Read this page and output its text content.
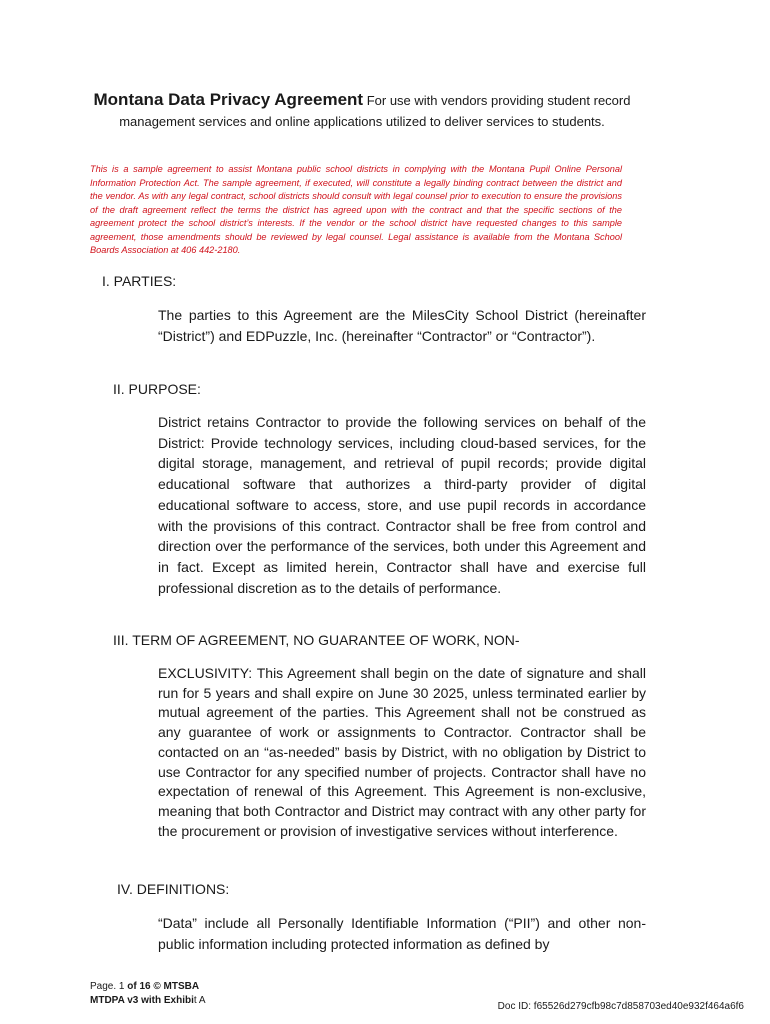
Montana Data Privacy Agreement For use with vendors providing student record management services and online applications utilized to deliver services to students.
This is a sample agreement to assist Montana public school districts in complying with the Montana Pupil Online Personal Information Protection Act. The sample agreement, if executed, will constitute a legally binding contract between the district and the vendor. As with any legal contract, school districts should consult with legal counsel prior to execution to ensure the provisions of the draft agreement reflect the terms the district has agreed upon with the contract and that the specific sections of the agreement protect the school district’s interests. If the vendor or the school district have requested changes to this sample agreement, those amendments should be reviewed by legal counsel. Legal assistance is available from the Montana School Boards Association at 406 442-2180.
I. PARTIES:
The parties to this Agreement are the MilesCity School District (hereinafter “District”) and EDPuzzle, Inc. (hereinafter “Contractor” or “Contractor”).
II. PURPOSE:
District retains Contractor to provide the following services on behalf of the District: Provide technology services, including cloud-based services, for the digital storage, management, and retrieval of pupil records; provide digital educational software that authorizes a third-party provider of digital educational software to access, store, and use pupil records in accordance with the provisions of this contract. Contractor shall be free from control and direction over the performance of the services, both under this Agreement and in fact. Except as limited herein, Contractor shall have and exercise full professional discretion as to the details of performance.
III. TERM OF AGREEMENT, NO GUARANTEE OF WORK, NON-
EXCLUSIVITY: This Agreement shall begin on the date of signature and shall run for 5 years and shall expire on June 30 2025, unless terminated earlier by mutual agreement of the parties. This Agreement shall not be construed as any guarantee of work or assignments to Contractor. Contractor shall be contacted on an “as-needed” basis by District, with no obligation by District to use Contractor for any specified number of projects. Contractor shall have no expectation of renewal of this Agreement. This Agreement is non-exclusive, meaning that both Contractor and District may contract with any other party for the procurement or provision of investigative services without interference.
IV. DEFINITIONS:
“Data” include all Personally Identifiable Information (“PII”) and other non-public information including protected information as defined by
Page. 1 of 16 © MTSBA
MTDPA v3 with Exhibit A
Doc ID: f65526d279cfb98c7d858703ed40e932f464a6f6
